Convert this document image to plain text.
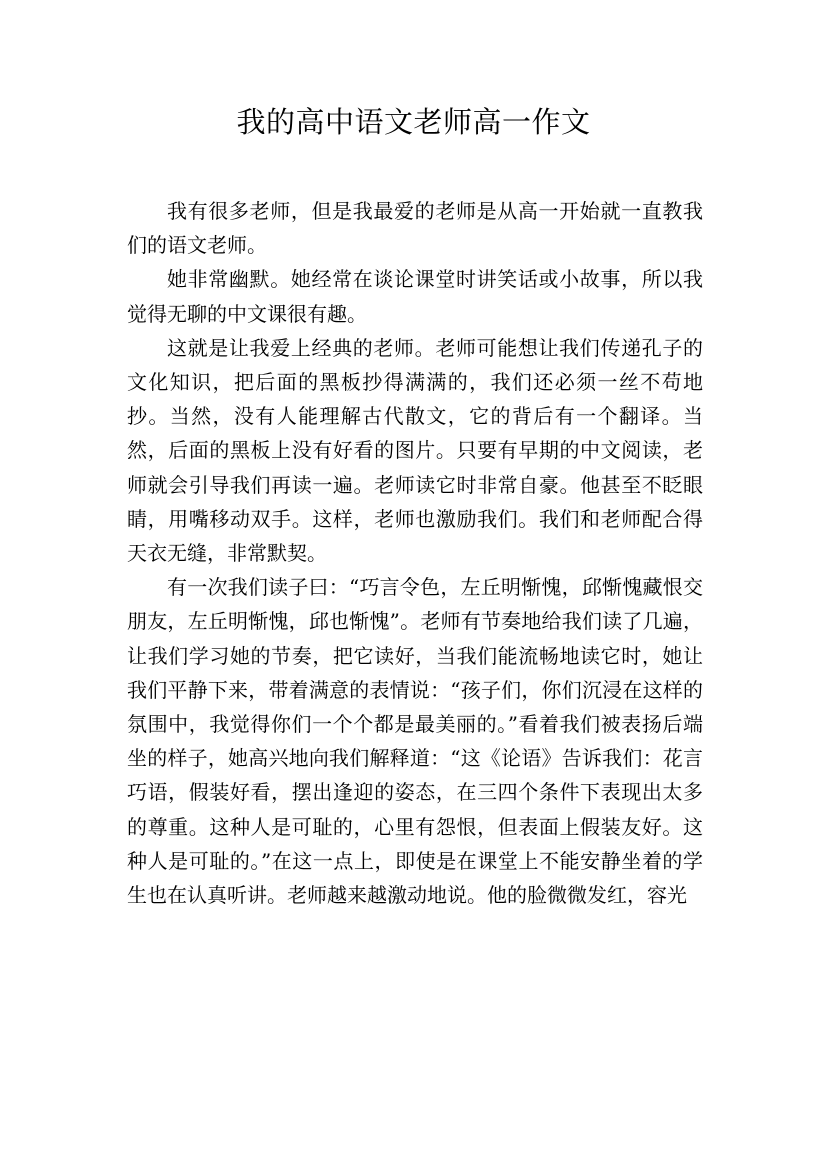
我的高中语文老师高一作文

我有很多老师，但是我最爱的老师是从高一开始就一直教我们的语文老师。

她非常幽默。她经常在谈论课堂时讲笑话或小故事，所以我觉得无聊的中文课很有趣。

这就是让我爱上经典的老师。老师可能想让我们传递孔子的文化知识，把后面的黑板抄得满满的，我们还必须一丝不苟地抄。当然，没有人能理解古代散文，它的背后有一个翻译。当然，后面的黑板上没有好看的图片。只要有早期的中文阅读，老师就会引导我们再读一遍。老师读它时非常自豪。他甚至不眨眼睛，用嘴移动双手。这样，老师也激励我们。我们和老师配合得天衣无缝，非常默契。

有一次我们读子曰：“巧言令色，左丘明惭愧，邱惭愧藏恨交朋友，左丘明惭愧，邱也惭愧”。老师有节奏地给我们读了几遍，让我们学习她的节奏，把它读好，当我们能流畅地读它时，她让我们平静下来，带着满意的表情说：“孩子们，你们沉浸在这样的氛围中，我觉得你们一个个都是最美丽的。”看着我们被表扬后端坐的样子，她高兴地向我们解释道：“这《论语》告诉我们：花言巧语，假装好看，摆出逢迎的姿态，在三四个条件下表现出太多的尊重。这种人是可耻的，心里有怨恨，但表面上假装友好。这种人是可耻的。”在这一点上，即使是在课堂上不能安静坐着的学生也在认真听讲。老师越来越激动地说。他的脸微微发红，容光
